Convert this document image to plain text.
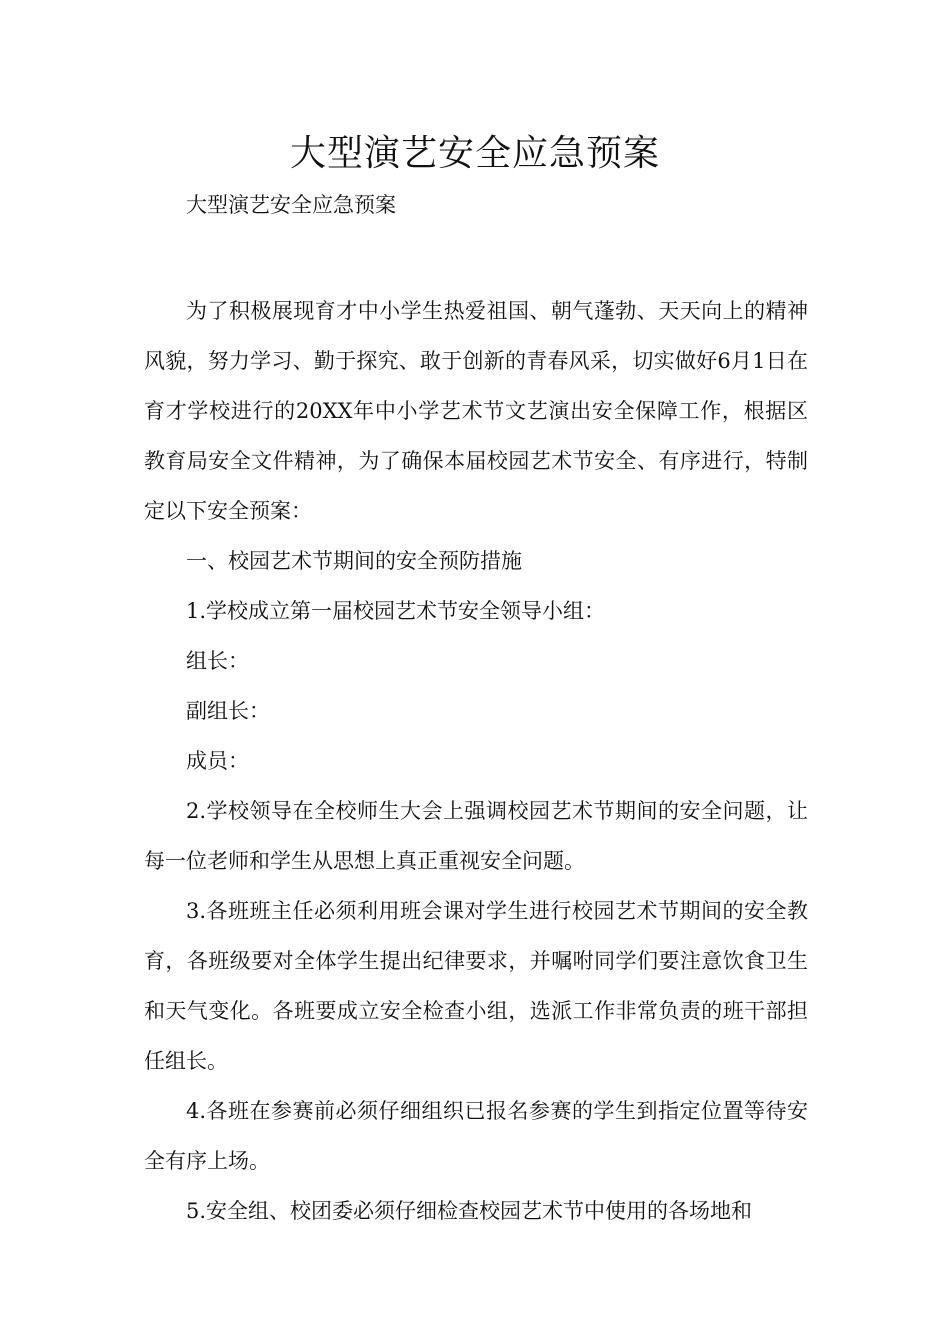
大型演艺安全应急预案

大型演艺安全应急预案

为了积极展现育才中小学生热爱祖国、朝气蓬勃、天天向上的精神风貌，努力学习、勤于探究、敢于创新的青春风采，切实做好6月1日在育才学校进行的20XX年中小学艺术节文艺演出安全保障工作，根据区教育局安全文件精神，为了确保本届校园艺术节安全、有序进行，特制定以下安全预案：

一、校园艺术节期间的安全预防措施

1.学校成立第一届校园艺术节安全领导小组：

组长：

副组长：

成员：

2.学校领导在全校师生大会上强调校园艺术节期间的安全问题，让每一位老师和学生从思想上真正重视安全问题。

3.各班班主任必须利用班会课对学生进行校园艺术节期间的安全教育，各班级要对全体学生提出纪律要求，并嘱咐同学们要注意饮食卫生和天气变化。各班要成立安全检查小组，选派工作非常负责的班干部担任组长。

4.各班在参赛前必须仔细组织已报名参赛的学生到指定位置等待安全有序上场。

5.安全组、校团委必须仔细检查校园艺术节中使用的各场地和
